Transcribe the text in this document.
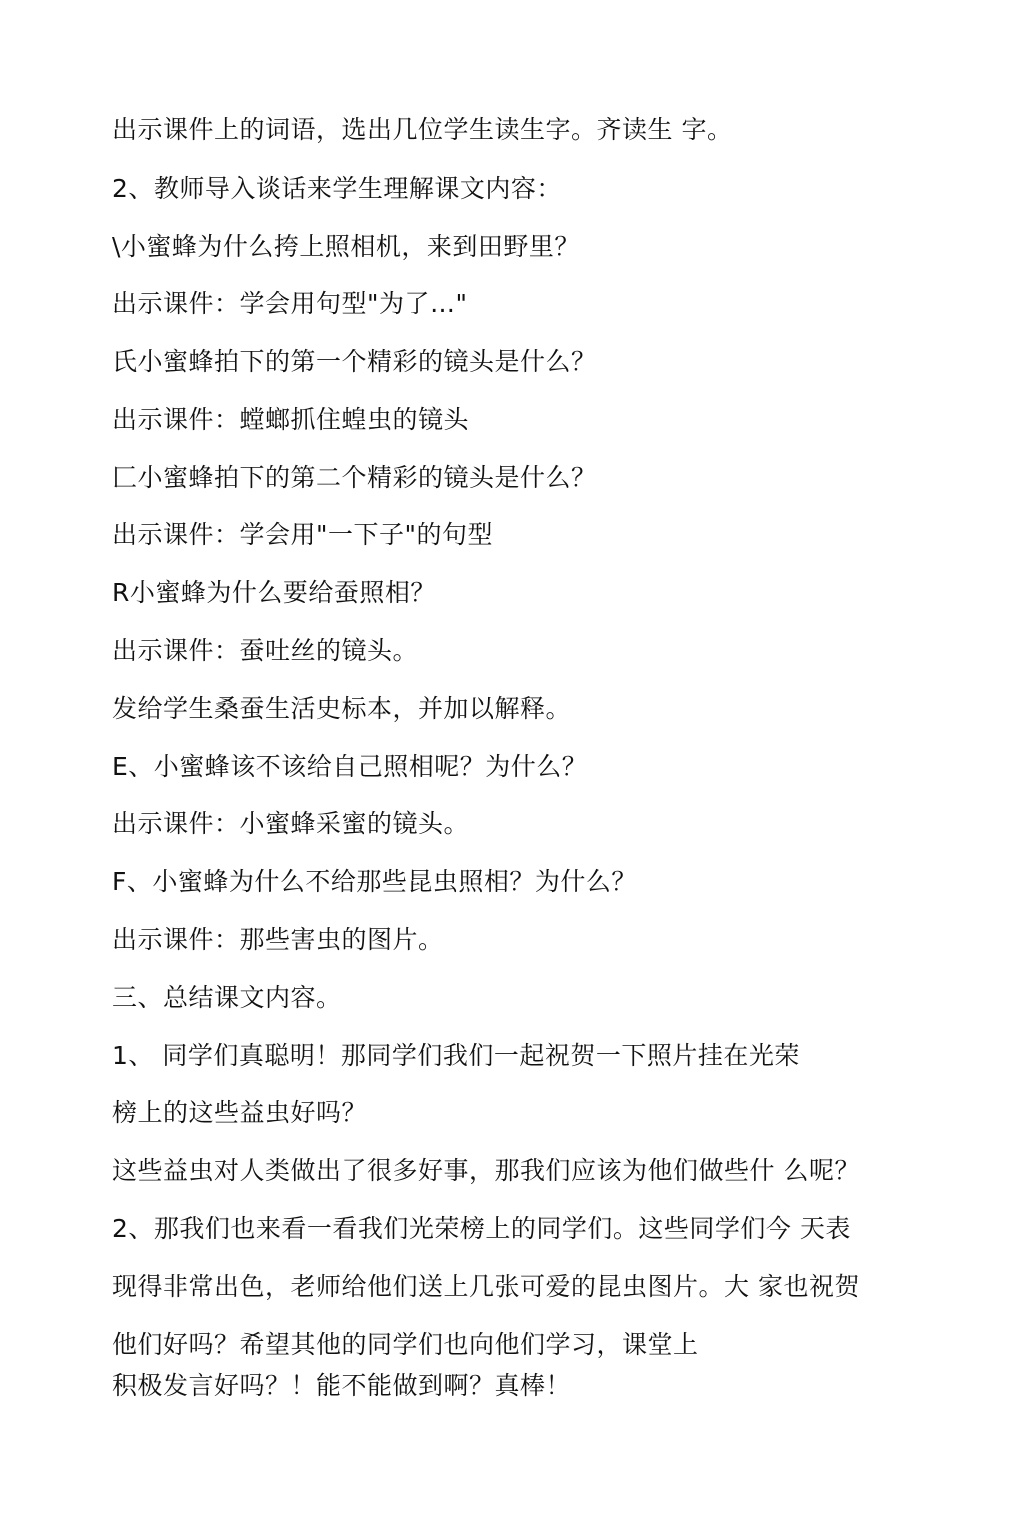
出示课件上的词语，选出几位学生读生字。齐读生 字。

2、教师导入谈话来学生理解课文内容：

\小蜜蜂为什么挎上照相机，来到田野里？

出示课件：学会用句型"为了…"

氏小蜜蜂拍下的第一个精彩的镜头是什么？

出示课件：螳螂抓住蝗虫的镜头

匚小蜜蜂拍下的第二个精彩的镜头是什么？

出示课件：学会用"一下子"的句型

R小蜜蜂为什么要给蚕照相？

出示课件：蚕吐丝的镜头。

发给学生桑蚕生活史标本，并加以解释。

E、小蜜蜂该不该给自己照相呢？为什么？

出示课件：小蜜蜂采蜜的镜头。

F、小蜜蜂为什么不给那些昆虫照相？为什么？

出示课件：那些害虫的图片。

三、总结课文内容。

1、 同学们真聪明！那同学们我们一起祝贺一下照片挂在光荣

榜上的这些益虫好吗？

这些益虫对人类做出了很多好事，那我们应该为他们做些什 么呢？

2、那我们也来看一看我们光荣榜上的同学们。这些同学们今 天表

现得非常出色，老师给他们送上几张可爱的昆虫图片。大 家也祝贺

他们好吗？希望其他的同学们也向他们学习，课堂上

积极发言好吗？！能不能做到啊？真棒！
